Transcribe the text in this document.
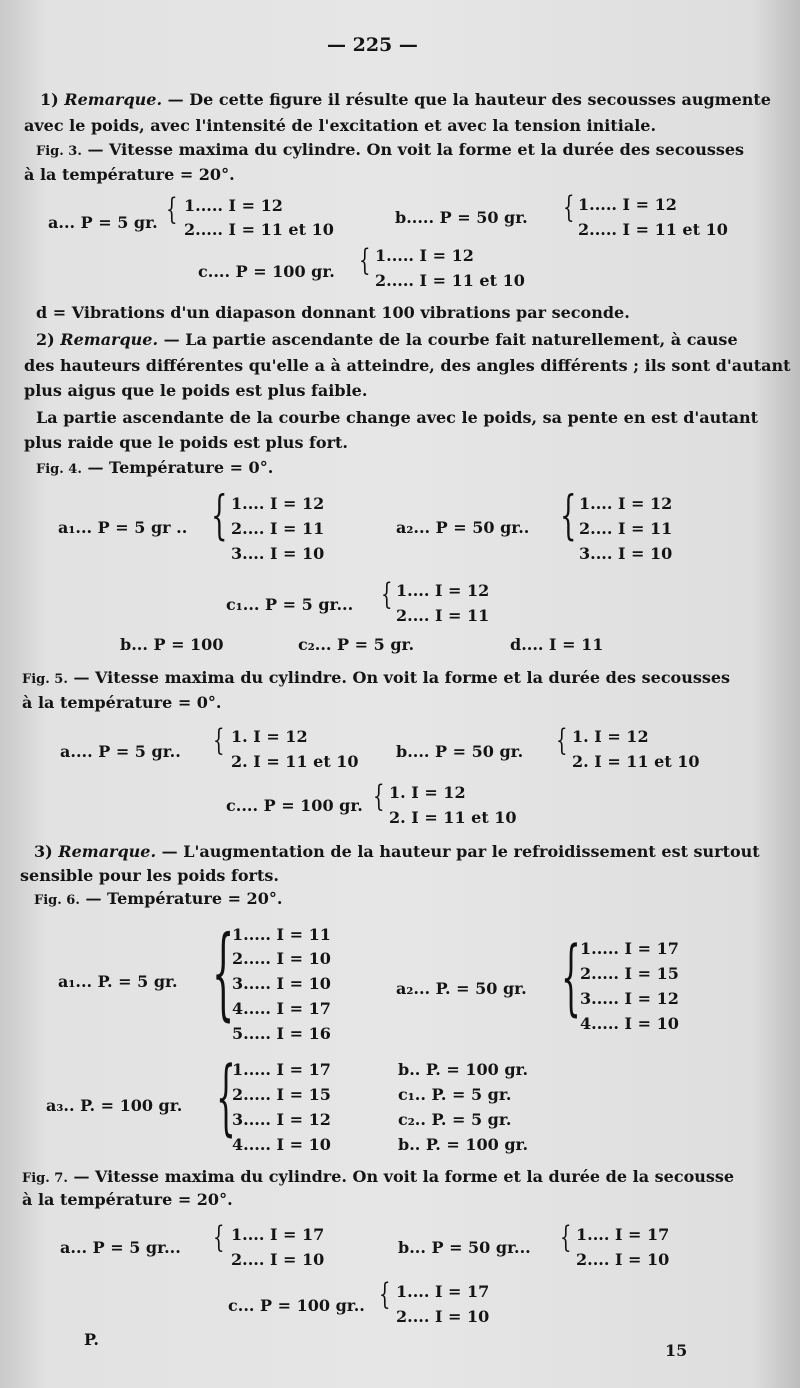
— 225 —
1) Remarque. — De cette figure il résulte que la hauteur des secousses augmente
avec le poids, avec l'intensité de l'excitation et avec la tension initiale.
Fig. 3. — Vitesse maxima du cylindre. On voit la forme et la durée des secousses
à la température = 20°.
a... P = 5 gr. { 1..... I = 12
2..... I = 11 et 10
b..... P = 50 gr. { 1..... I = 12
2..... I = 11 et 10
c.... P = 100 gr. { 1..... I = 12
2..... I = 11 et 10
d = Vibrations d'un diapason donnant 100 vibrations par seconde.
2) Remarque. — La partie ascendante de la courbe fait naturellement, à cause
des hauteurs différentes qu'elle a à atteindre, des angles différents ; ils sont d'autant
plus aigus que le poids est plus faible.
La partie ascendante de la courbe change avec le poids, sa pente en est d'autant
plus raide que le poids est plus fort.
Fig. 4. — Température = 0°.
a₁... P = 5 gr .. { 1.... I = 12
2.... I = 11
3.... I = 10
a₂... P = 50 gr.. { 1.... I = 12
2.... I = 11
3.... I = 10
c₁... P = 5 gr... { 1.... I = 12
2.... I = 11
b... P = 100	c₂... P = 5 gr.	d.... I = 11
Fig. 5. — Vitesse maxima du cylindre. On voit la forme et la durée des secousses
à la température = 0°.
a.... P = 5 gr.. { 1. I = 12
2. I = 11 et 10
b.... P = 50 gr. { 1. I = 12
2. I = 11 et 10
c.... P = 100 gr. { 1. I = 12
2. I = 11 et 10
3) Remarque. — L'augmentation de la hauteur par le refroidissement est surtout
sensible pour les poids forts.
Fig. 6. — Température = 20°.
a₁... P. = 5 gr. {
1..... I = 11
2..... I = 10
3..... I = 10
4..... I = 17
5..... I = 16
a₂... P. = 50 gr. { 1..... I = 17
2..... I = 15
3..... I = 12
4..... I = 10
a₃.. P. = 100 gr. {
1..... I = 17
2..... I = 15
3..... I = 12
4..... I = 10
b.. P. = 100 gr.
c₁.. P. = 5 gr.
c₂.. P. = 5 gr.
b.. P. = 100 gr.
Fig. 7. — Vitesse maxima du cylindre. On voit la forme et la durée de la secousse
à la température = 20°.
a... P = 5 gr... { 1.... I = 17
2.... I = 10
b... P = 50 gr... { 1.... I = 17
2.... I = 10
c... P = 100 gr.. { 1.... I = 17
2.... I = 10
P.
15
